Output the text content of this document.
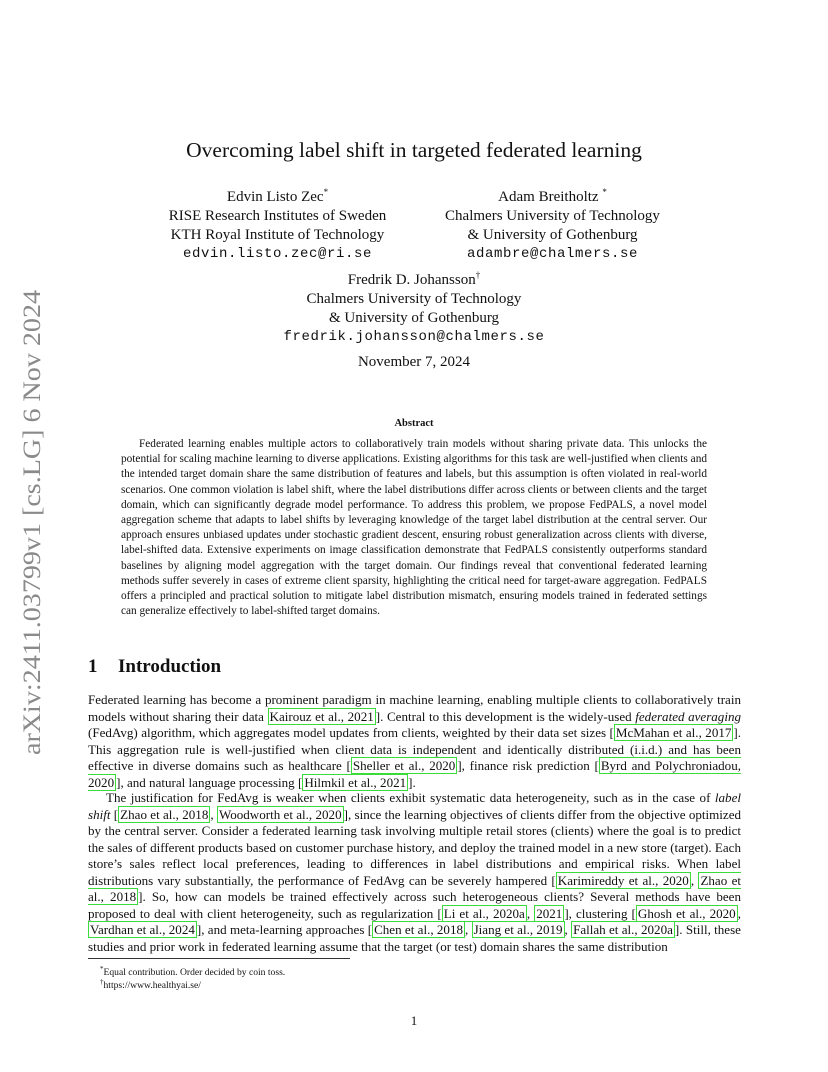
arXiv:2411.03799v1 [cs.LG] 6 Nov 2024
Overcoming label shift in targeted federated learning
Edvin Listo Zec*
RISE Research Institutes of Sweden
KTH Royal Institute of Technology
edvin.listo.zec@ri.se
Adam Breitholtz *
Chalmers University of Technology
& University of Gothenburg
adambre@chalmers.se
Fredrik D. Johansson†
Chalmers University of Technology
& University of Gothenburg
fredrik.johansson@chalmers.se
November 7, 2024
Abstract
Federated learning enables multiple actors to collaboratively train models without sharing private data. This unlocks the potential for scaling machine learning to diverse applications. Existing algorithms for this task are well-justified when clients and the intended target domain share the same distribution of features and labels, but this assumption is often violated in real-world scenarios. One common violation is label shift, where the label distributions differ across clients or between clients and the target domain, which can significantly degrade model performance. To address this problem, we propose FedPALS, a novel model aggregation scheme that adapts to label shifts by leveraging knowledge of the target label distribution at the central server. Our approach ensures unbiased updates under stochastic gradient descent, ensuring robust generalization across clients with diverse, label-shifted data. Extensive experiments on image classification demonstrate that FedPALS consistently outperforms standard baselines by aligning model aggregation with the target domain. Our findings reveal that conventional federated learning methods suffer severely in cases of extreme client sparsity, highlighting the critical need for target-aware aggregation. FedPALS offers a principled and practical solution to mitigate label distribution mismatch, ensuring models trained in federated settings can generalize effectively to label-shifted target domains.
1 Introduction
Federated learning has become a prominent paradigm in machine learning, enabling multiple clients to collaboratively train models without sharing their data Kairouz et al., 2021 ]. Central to this development is the widely-used federated averaging (FedAvg) algorithm, which aggregates model updates from clients, weighted by their data set sizes [ McMahan et al., 2017 ]. This aggregation rule is well-justified when client data is independent and identically distributed (i.i.d.) and has been effective in diverse domains such as healthcare [ Sheller et al., 2020 ], finance risk prediction [ Byrd and Polychroniadou, 2020 ], and natural language processing [ Hilmkil et al., 2021 ].
The justification for FedAvg is weaker when clients exhibit systematic data heterogeneity, such as in the case of label shift [ Zhao et al., 2018 , Woodworth et al., 2020 ], since the learning objectives of clients differ from the objective optimized by the central server. Consider a federated learning task involving multiple retail stores (clients) where the goal is to predict the sales of different products based on customer purchase history, and deploy the trained model in a new store (target). Each store’s sales reflect local preferences, leading to differences in label distributions and empirical risks. When label distributions vary substantially, the performance of FedAvg can be severely hampered [ Karimireddy et al., 2020 , Zhao et al., 2018 ]. So, how can models be trained effectively across such heterogeneous clients? Several methods have been proposed to deal with client heterogeneity, such as regularization [ Li et al., 2020a , 2021 ], clustering [ Ghosh et al., 2020 , Vardhan et al., 2024 ], and meta-learning approaches [ Chen et al., 2018 , Jiang et al., 2019 , Fallah et al., 2020a ]. Still, these studies and prior work in federated learning assume that the target (or test) domain shares the same distribution
*Equal contribution. Order decided by coin toss.
†https://www.healthyai.se/
1
